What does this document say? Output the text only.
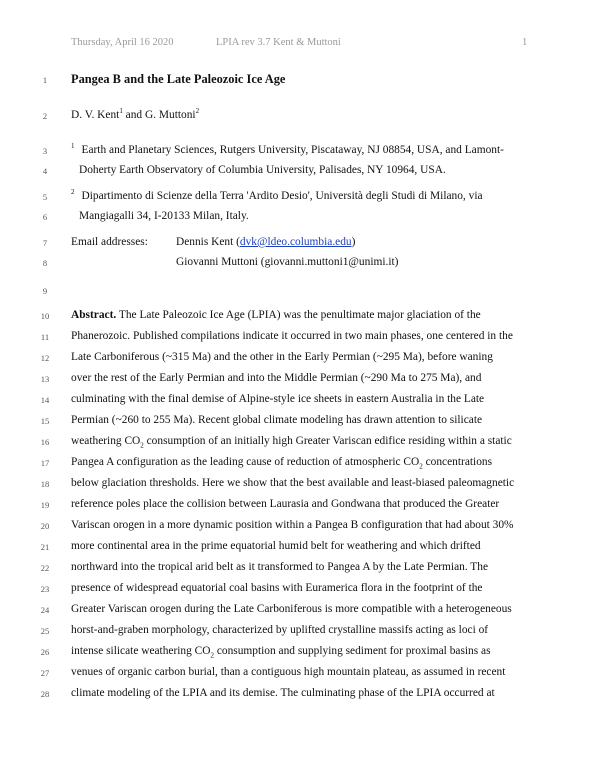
Thursday, April 16 2020	LPIA rev 3.7 Kent & Muttoni	1
1
2
3
4
5
6
7
8
9
10
11
12
13
14
15
16
17
18
19
20
21
22
23
24
25
26
27
28
Pangea B and the Late Paleozoic Ice Age
D. V. Kent$^1$ and G. Muttoni$^2$
$^1$ Earth and Planetary Sciences, Rutgers University, Piscataway, NJ 08854, USA, and Lamont-
Doherty Earth Observatory of Columbia University, Palisades, NY 10964, USA.
$^2$ Dipartimento di Scienze della Terra 'Ardito Desio', Università degli Studi di Milano, via
Mangiagalli 34, I-20133 Milan, Italy.
Email addresses: Dennis Kent (dvk@ldeo.columbia.edu)
Giovanni Muttoni (giovanni.muttoni1@unimi.it)
Abstract. The Late Paleozoic Ice Age (LPIA) was the penultimate major glaciation of the
Phanerozoic. Published compilations indicate it occurred in two main phases, one centered in the
Late Carboniferous (~315 Ma) and the other in the Early Permian (~295 Ma), before waning
over the rest of the Early Permian and into the Middle Permian (~290 Ma to 275 Ma), and
culminating with the final demise of Alpine-style ice sheets in eastern Australia in the Late
Permian (~260 to 255 Ma). Recent global climate modeling has drawn attention to silicate
weathering $CO_2$ consumption of an initially high Greater Variscan edifice residing within a static
Pangea A configuration as the leading cause of reduction of atmospheric $CO_2$ concentrations
below glaciation thresholds. Here we show that the best available and least-biased paleomagnetic
reference poles place the collision between Laurasia and Gondwana that produced the Greater
Variscan orogen in a more dynamic position within a Pangea B configuration that had about 30%
more continental area in the prime equatorial humid belt for weathering and which drifted
northward into the tropical arid belt as it transformed to Pangea A by the Late Permian. The
presence of widespread equatorial coal basins with Euramerica flora in the footprint of the
Greater Variscan orogen during the Late Carboniferous is more compatible with a heterogeneous
horst-and-graben morphology, characterized by uplifted crystalline massifs acting as loci of
intense silicate weathering $CO_2$ consumption and supplying sediment for proximal basins as
venues of organic carbon burial, than a contiguous high mountain plateau, as assumed in recent
climate modeling of the LPIA and its demise. The culminating phase of the LPIA occurred at
